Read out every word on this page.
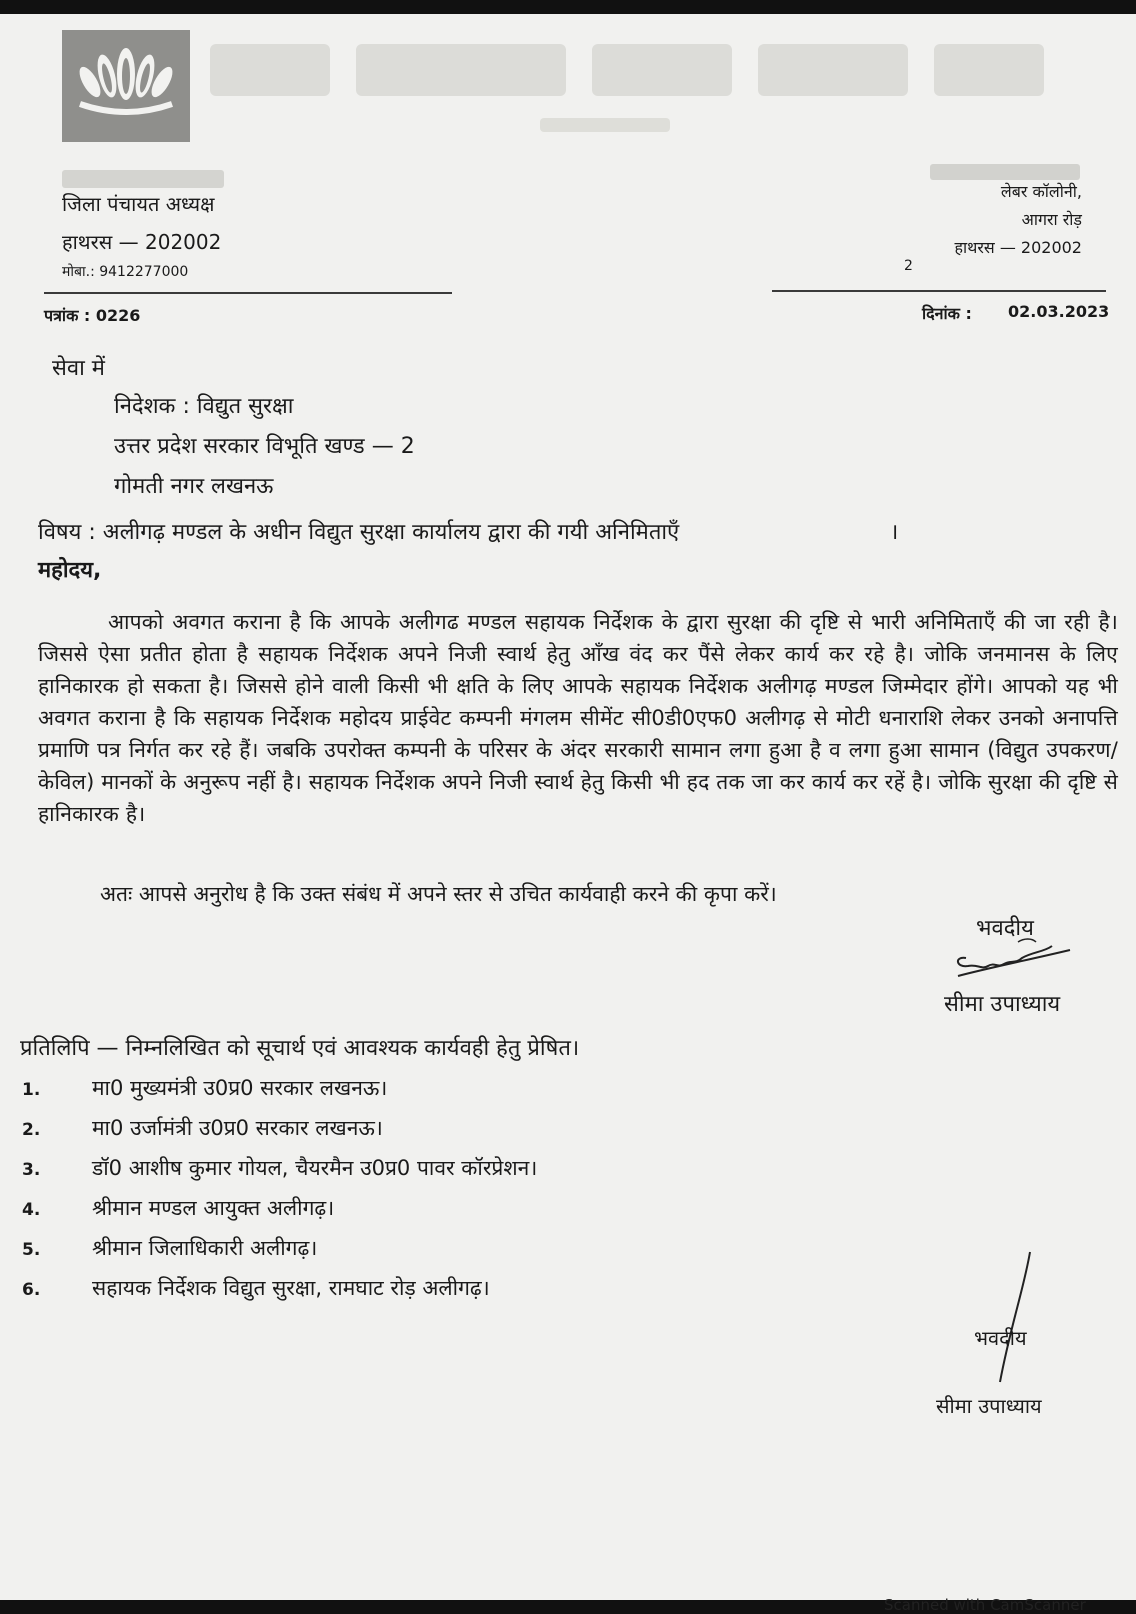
जिला पंचायत अध्यक्ष
हाथरस — 202002
मोबा.: 9412277000
लेबर कॉलोनी,
आगरा रोड़
हाथरस — 202002
2
पत्रांक : 0226	दिनांक : 02.03.2023
सेवा में
निदेशक : विद्युत सुरक्षा
उत्तर प्रदेश सरकार विभूति खण्ड — 2
गोमती नगर लखनऊ
विषय : अलीगढ़ मण्डल के अधीन विद्युत सुरक्षा कार्यालय द्वारा की गयी अनिमिताएँ	।
महोदय,
आपको अवगत कराना है कि आपके अलीगढ मण्डल सहायक निर्देशक के द्वारा सुरक्षा की दृष्टि से भारी अनिमिताएँ की जा रही है। जिससे ऐसा प्रतीत होता है सहायक निर्देशक अपने निजी स्वार्थ हेतु आँख वंद कर पैंसे लेकर कार्य कर रहे है। जोकि जनमानस के लिए हानिकारक हो सकता है। जिससे होने वाली किसी भी क्षति के लिए आपके सहायक निर्देशक अलीगढ़ मण्डल जिम्मेदार होंगे। आपको यह भी अवगत कराना है कि सहायक निर्देशक महोदय प्राईवेट कम्पनी मंगलम सीमेंट सी0डी0एफ0 अलीगढ़ से मोटी धनाराशि लेकर उनको अनापत्ति प्रमाणि पत्र निर्गत कर रहे हैं। जबकि उपरोक्त कम्पनी के परिसर के अंदर सरकारी सामान लगा हुआ है व लगा हुआ सामान (विद्युत उपकरण/केविल) मानकों के अनुरूप नहीं है। सहायक निर्देशक अपने निजी स्वार्थ हेतु किसी भी हद तक जा कर कार्य कर रहें है। जोकि सुरक्षा की दृष्टि से हानिकारक है।
अतः आपसे अनुरोध है कि उक्त संबंध में अपने स्तर से उचित कार्यवाही करने की कृपा करें।
भवदीय
सीमा उपाध्याय
प्रतिलिपि — निम्नलिखित को सूचार्थ एवं आवश्यक कार्यवही हेतु प्रेषित।
1. मा0 मुख्यमंत्री उ0प्र0 सरकार लखनऊ।
2. मा0 उर्जामंत्री उ0प्र0 सरकार लखनऊ।
3. डॉ0 आशीष कुमार गोयल, चैयरमैन उ0प्र0 पावर कॉरप्रेशन।
4. श्रीमान मण्डल आयुक्त अलीगढ़।
5. श्रीमान जिलाधिकारी अलीगढ़।
6. सहायक निर्देशक विद्युत सुरक्षा, रामघाट रोड़ अलीगढ़।
भवदीय
सीमा उपाध्याय
Scanned with CamScanner
